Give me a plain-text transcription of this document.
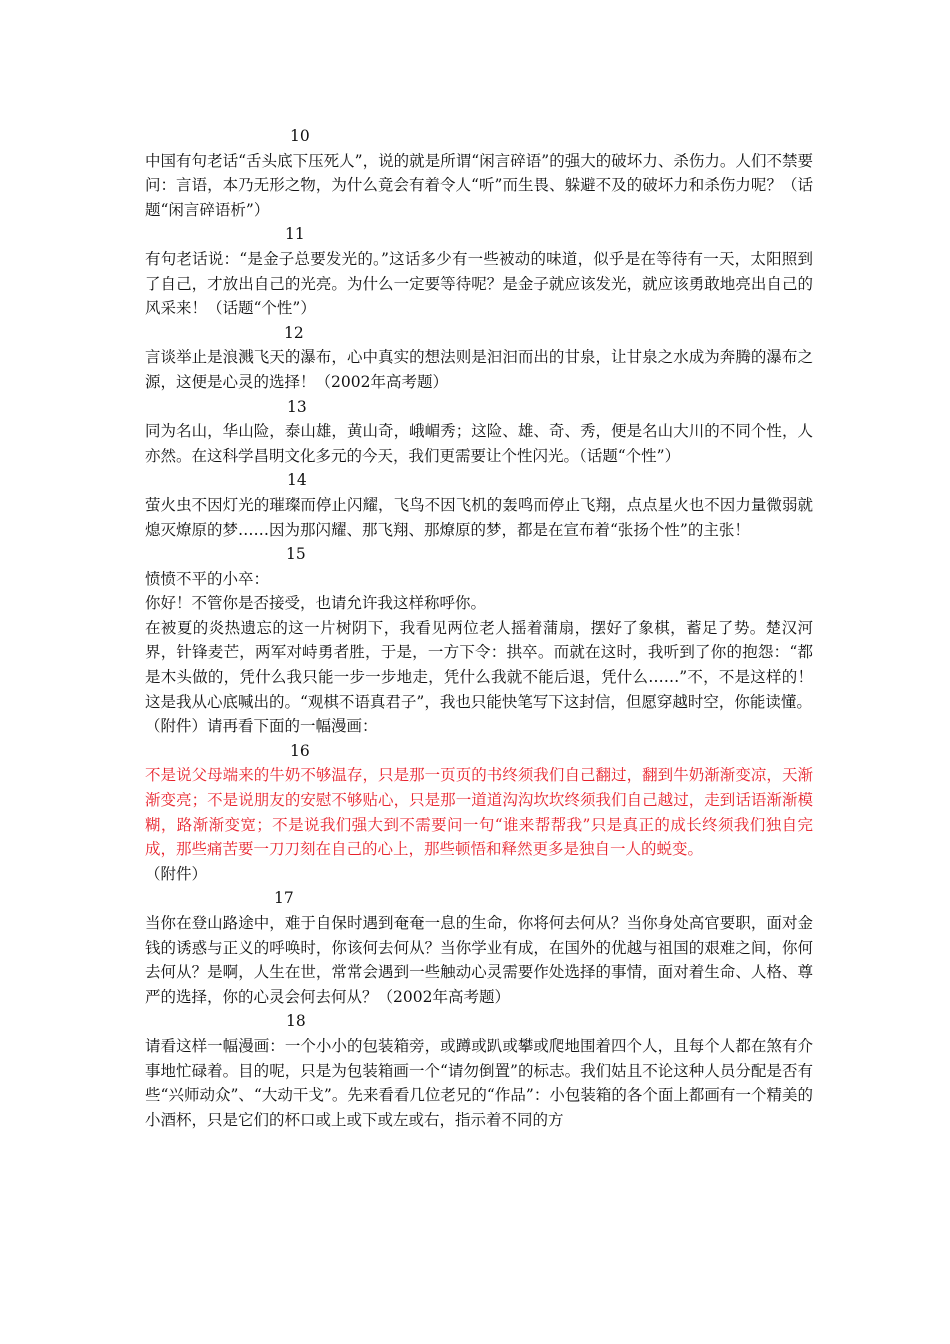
10

中国有句老话“舌头底下压死人”，说的就是所谓“闲言碎语”的强大的破坏力、杀伤力。人们不禁要问：言语，本乃无形之物，为什么竟会有着令人“听”而生畏、躲避不及的破坏力和杀伤力呢？（话题“闲言碎语析”）

11

有句老话说：“是金子总要发光的。”这话多少有一些被动的味道，似乎是在等待有一天，太阳照到了自己，才放出自己的光亮。为什么一定要等待呢？是金子就应该发光，就应该勇敢地亮出自己的风采来！（话题“个性”）

12

言谈举止是浪溅飞天的瀑布，心中真实的想法则是汩汩而出的甘泉，让甘泉之水成为奔腾的瀑布之源，这便是心灵的选择！（2002年高考题）

13

同为名山，华山险，泰山雄，黄山奇，峨嵋秀；这险、雄、奇、秀，便是名山大川的不同个性，人亦然。在这科学昌明文化多元的今天，我们更需要让个性闪光。（话题“个性”）

14

萤火虫不因灯光的璀璨而停止闪耀，飞鸟不因飞机的轰鸣而停止飞翔，点点星火也不因力量微弱就熄灭燎原的梦……因为那闪耀、那飞翔、那燎原的梦，都是在宣布着“张扬个性”的主张！

15

愤愤不平的小卒：

你好！不管你是否接受，也请允许我这样称呼你。

在被夏的炎热遗忘的这一片树阴下，我看见两位老人摇着蒲扇，摆好了象棋，蓄足了势。楚汉河界，针锋麦芒，两军对峙勇者胜，于是，一方下令：拱卒。而就在这时，我听到了你的抱怨：“都是木头做的，凭什么我只能一步一步地走，凭什么我就不能后退，凭什么……”不，不是这样的！这是我从心底喊出的。“观棋不语真君子”，我也只能快笔写下这封信，但愿穿越时空，你能读懂。

（附件）请再看下面的一幅漫画：

16

不是说父母端来的牛奶不够温存，只是那一页页的书终须我们自己翻过，翻到牛奶渐渐变凉，天渐渐变亮；不是说朋友的安慰不够贴心，只是那一道道沟沟坎坎终须我们自己越过，走到话语渐渐模糊，路渐渐变宽；不是说我们强大到不需要问一句“谁来帮帮我”只是真正的成长终须我们独自完成，那些痛苦要一刀刀刻在自己的心上，那些顿悟和释然更多是独自一人的蜕变。

（附件）

17

当你在登山路途中，难于自保时遇到奄奄一息的生命，你将何去何从？当你身处高官要职，面对金钱的诱惑与正义的呼唤时，你该何去何从？当你学业有成，在国外的优越与祖国的艰难之间，你何去何从？是啊，人生在世，常常会遇到一些触动心灵需要作处选择的事情，面对着生命、人格、尊严的选择，你的心灵会何去何从？（2002年高考题）

18

请看这样一幅漫画：一个小小的包装箱旁，或蹲或趴或攀或爬地围着四个人，且每个人都在煞有介事地忙碌着。目的呢，只是为包装箱画一个“请勿倒置”的标志。我们姑且不论这种人员分配是否有些“兴师动众”、“大动干戈”。先来看看几位老兄的“作品”：小包装箱的各个面上都画有一个精美的小酒杯，只是它们的杯口或上或下或左或右，指示着不同的方
